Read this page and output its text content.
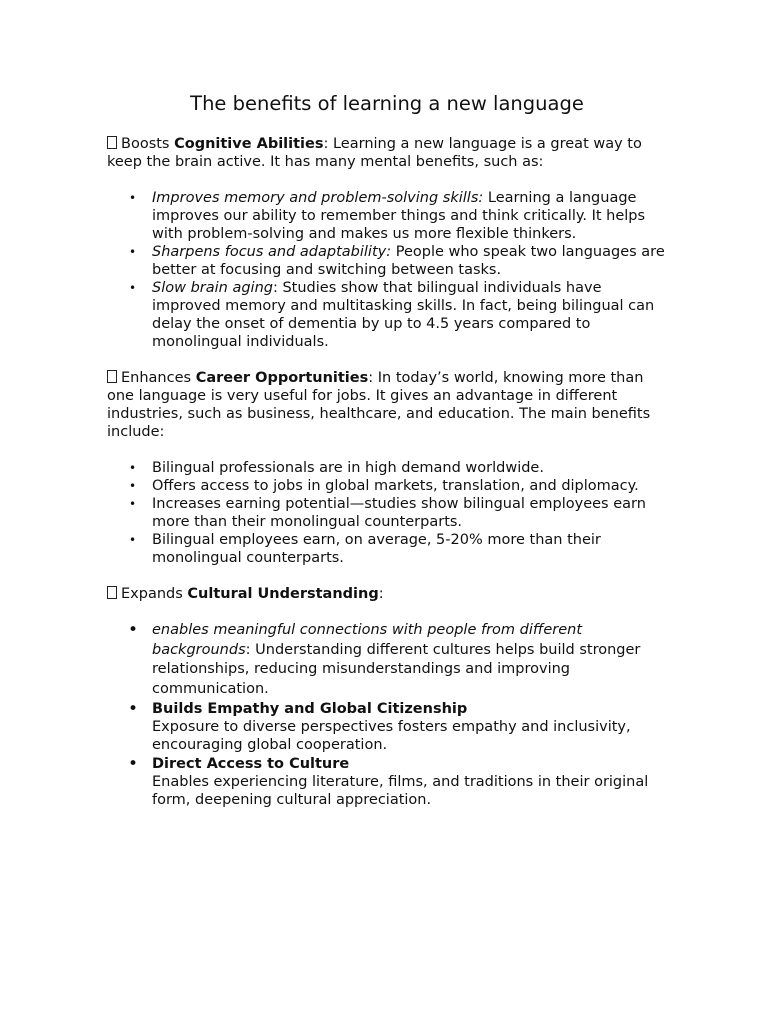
The benefits of learning a new language

Boosts Cognitive Abilities: Learning a new language is a great way to keep the brain active. It has many mental benefits, such as:

• Improves memory and problem-solving skills: Learning a language improves our ability to remember things and think critically. It helps with problem-solving and makes us more flexible thinkers.
• Sharpens focus and adaptability: People who speak two languages are better at focusing and switching between tasks.
• Slow brain aging: Studies show that bilingual individuals have improved memory and multitasking skills. In fact, being bilingual can delay the onset of dementia by up to 4.5 years compared to monolingual individuals.

Enhances Career Opportunities: In today’s world, knowing more than one language is very useful for jobs. It gives an advantage in different industries, such as business, healthcare, and education. The main benefits include:

• Bilingual professionals are in high demand worldwide.
• Offers access to jobs in global markets, translation, and diplomacy.
• Increases earning potential—studies show bilingual employees earn more than their monolingual counterparts.
• Bilingual employees earn, on average, 5-20% more than their monolingual counterparts.

Expands Cultural Understanding:

• enables meaningful connections with people from different backgrounds: Understanding different cultures helps build stronger relationships, reducing misunderstandings and improving communication.
• Builds Empathy and Global Citizenship
Exposure to diverse perspectives fosters empathy and inclusivity, encouraging global cooperation.
• Direct Access to Culture
Enables experiencing literature, films, and traditions in their original form, deepening cultural appreciation.
